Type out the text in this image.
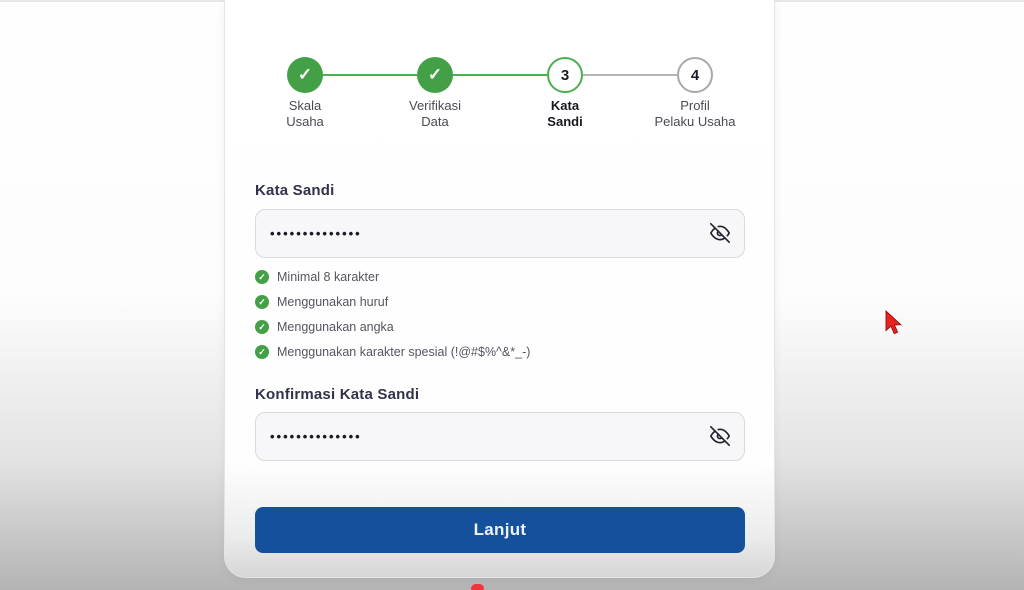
✓	✓	3	4
Skala
Usaha
Verifikasi
Data
Kata
Sandi
Profil
Pelaku Usaha
Kata Sandi
••••••••••••••
✓ Minimal 8 karakter
✓ Menggunakan huruf
✓ Menggunakan angka
✓ Menggunakan karakter spesial (!@#$%^&*_-)
Konfirmasi Kata Sandi
••••••••••••••
Lanjut
